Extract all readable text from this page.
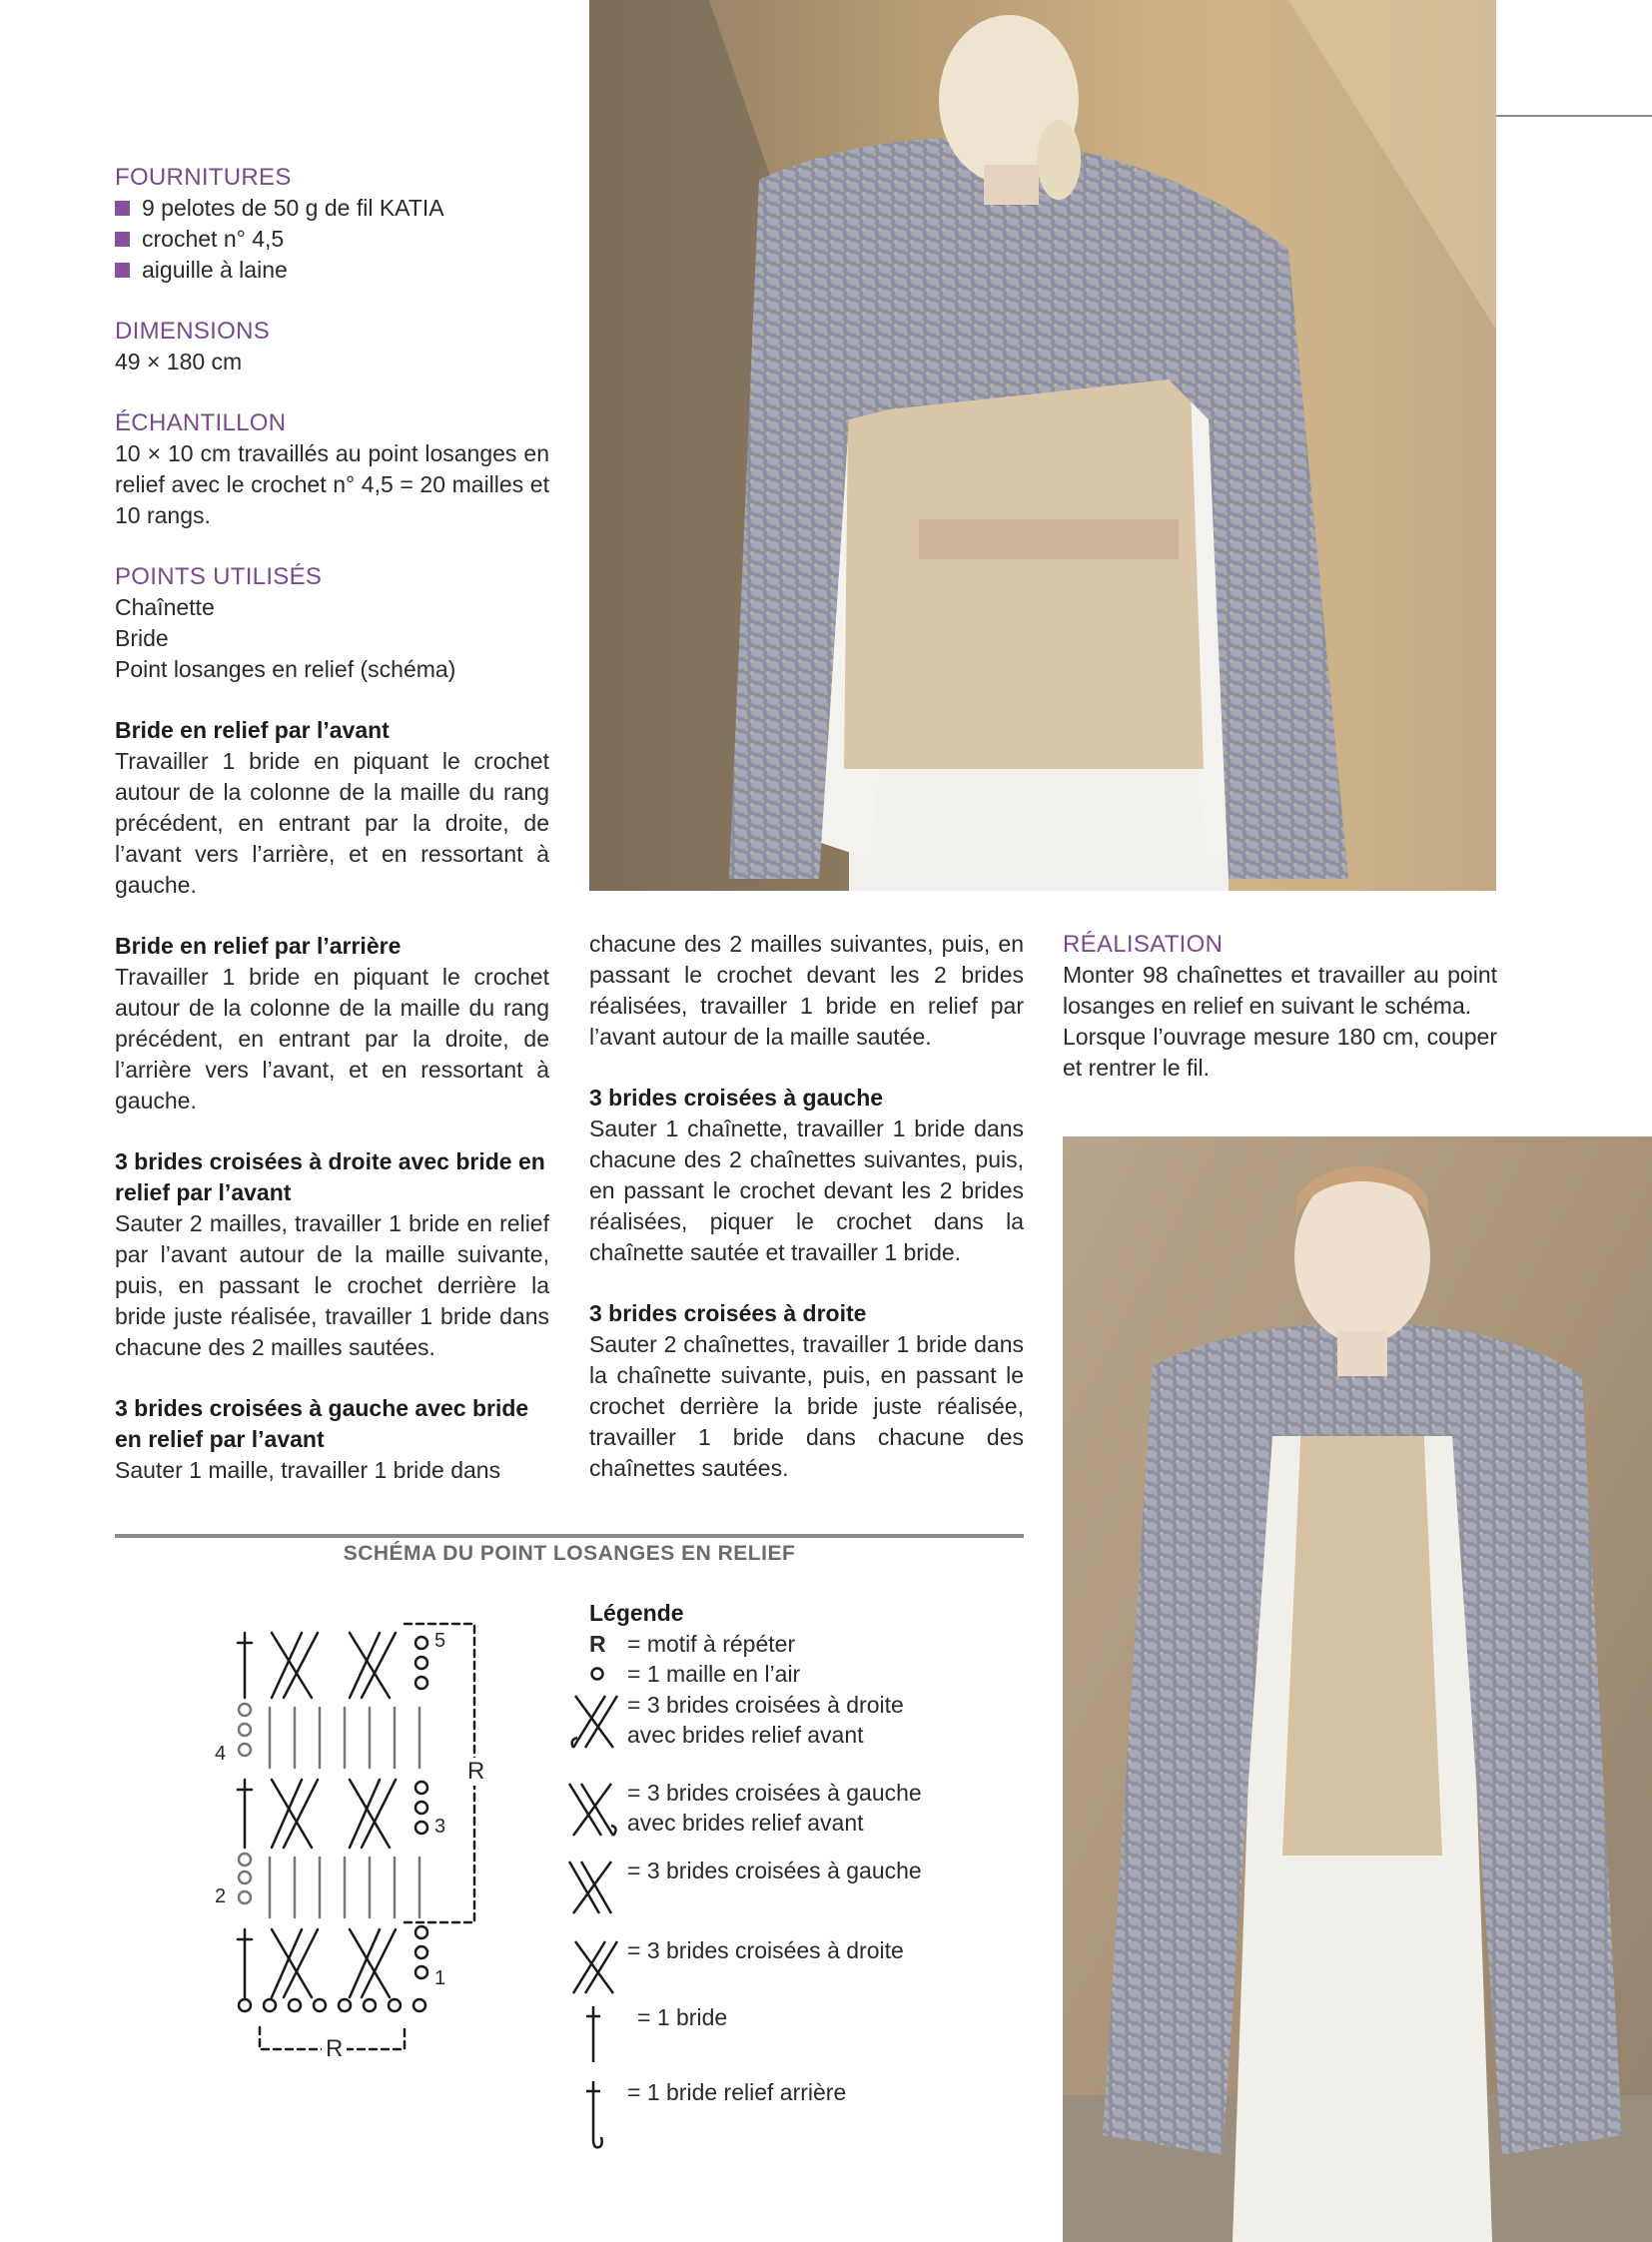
FOURNITURES

9 pelotes de 50 g de fil KATIA
crochet n° 4,5
aiguille à laine

DIMENSIONS

49 × 180 cm

ÉCHANTILLON

10 × 10 cm travaillés au point losanges en relief avec le crochet n° 4,5 = 20 mailles et 10 rangs.

POINTS UTILISÉS

Chaînette

Bride

Point losanges en relief (schéma)

Bride en relief par l’avant

Travailler 1 bride en piquant le crochet autour de la colonne de la maille du rang précédent, en entrant par la droite, de l’avant vers l’arrière, et en ressortant à gauche.

Bride en relief par l’arrière

Travailler 1 bride en piquant le crochet autour de la colonne de la maille du rang précédent, en entrant par la droite, de l’arrière vers l’avant, et en ressortant à gauche.

3 brides croisées à droite avec bride en relief par l’avant

Sauter 2 mailles, travailler 1 bride en relief par l’avant autour de la maille suivante, puis, en passant le crochet derrière la bride juste réalisée, travailler 1 bride dans chacune des 2 mailles sautées.

3 brides croisées à gauche avec bride en relief par l’avant

Sauter 1 maille, travailler 1 bride dans

chacune des 2 mailles suivantes, puis, en passant le crochet devant les 2 brides réalisées, travailler 1 bride en relief par l’avant autour de la maille sautée.

3 brides croisées à gauche

Sauter 1 chaînette, travailler 1 bride dans chacune des 2 chaînettes suivantes, puis, en passant le crochet devant les 2 brides réalisées, piquer le crochet dans la chaînette sautée et travailler 1 bride.

3 brides croisées à droite

Sauter 2 chaînettes, travailler 1 bride dans la chaînette suivante, puis, en passant le crochet derrière la bride juste réalisée, travailler 1 bride dans chacune des chaînettes sautées.

RÉALISATION

Monter 98 chaînettes et travailler au point losanges en relief en suivant le schéma.

Lorsque l’ouvrage mesure 180 cm, couper et rentrer le fil.

SCHÉMA DU POINT LOSANGES EN RELIEF
5
4
3
2
1
R
R
Légende
R = motif à répéter
= 1 maille en l’air
= 3 brides croisées à droite avec brides relief avant
= 3 brides croisées à gauche avec brides relief avant
= 3 brides croisées à gauche
= 3 brides croisées à droite
= 1 bride
= 1 bride relief arrière
